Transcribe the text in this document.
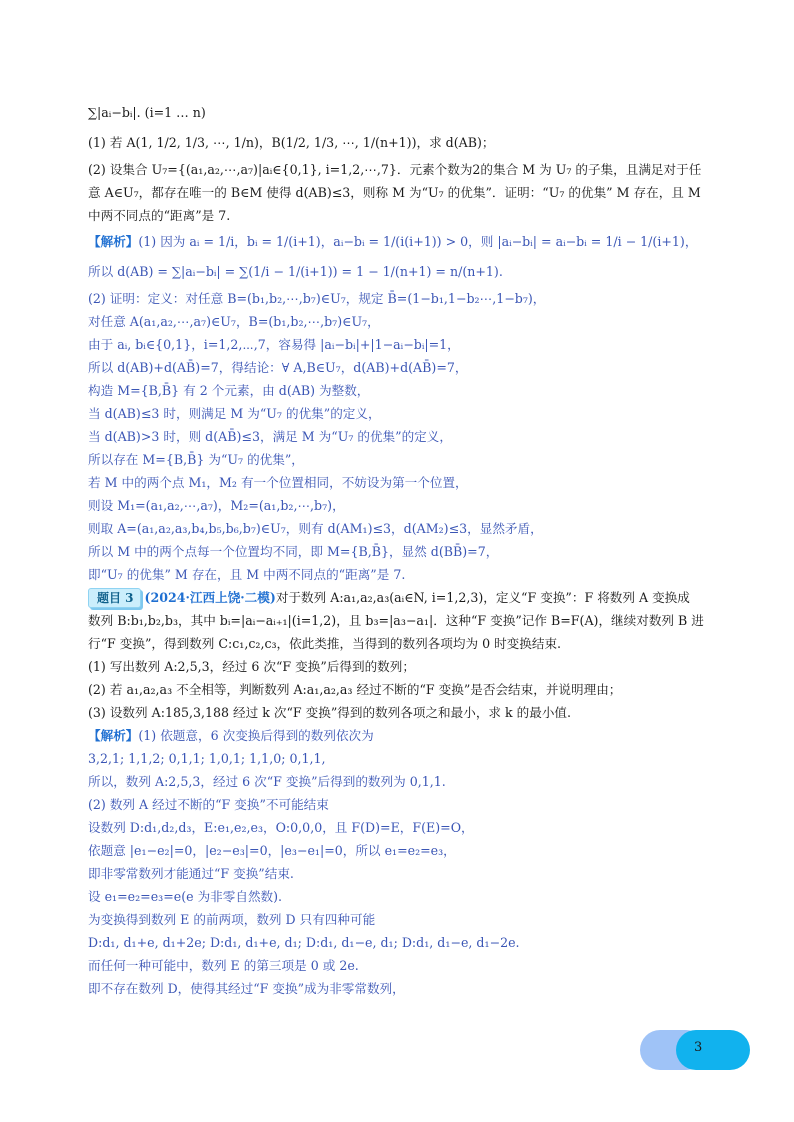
∑|aᵢ−bᵢ|. (i=1 … n)
(1) 若 A(1, 1/2, 1/3, ⋯, 1/n)，B(1/2, 1/3, ⋯, 1/(n+1))，求 d(AB)；
(2) 设集合 U₇={(a₁,a₂,⋯,a₇)|aᵢ∈{0,1}, i=1,2,⋯,7}．元素个数为2的集合 M 为 U₇ 的子集，且满足对于任
意 A∈U₇，都存在唯一的 B∈M 使得 d(AB)≤3，则称 M 为“U₇ 的优集”．证明：“U₇ 的优集” M 存在，且 M
中两不同点的“距离”是 7.
【解析】(1) 因为 aᵢ = 1/i，bᵢ = 1/(i+1)，aᵢ−bᵢ = 1/(i(i+1)) > 0，则 |aᵢ−bᵢ| = aᵢ−bᵢ = 1/i − 1/(i+1)，
所以 d(AB) = ∑|aᵢ−bᵢ| = ∑(1/i − 1/(i+1)) = 1 − 1/(n+1) = n/(n+1).
(2) 证明：定义：对任意 B=(b₁,b₂,⋯,b₇)∈U₇，规定 B̄=(1−b₁,1−b₂⋯,1−b₇)，
对任意 A(a₁,a₂,⋯,a₇)∈U₇，B=(b₁,b₂,⋯,b₇)∈U₇，
由于 aᵢ, bᵢ∈{0,1}，i=1,2,⋯,7，容易得 |aᵢ−bᵢ|+|1−aᵢ−bᵢ|=1，
所以 d(AB)+d(AB̄)=7，得结论：∀ A,B∈U₇，d(AB)+d(AB̄)=7，
构造 M={B,B̄} 有 2 个元素，由 d(AB) 为整数，
当 d(AB)≤3 时，则满足 M 为“U₇ 的优集”的定义，
当 d(AB)>3 时，则 d(AB̄)≤3，满足 M 为“U₇ 的优集”的定义，
所以存在 M={B,B̄} 为“U₇ 的优集”，
若 M 中的两个点 M₁，M₂ 有一个位置相同，不妨设为第一个位置，
则设 M₁=(a₁,a₂,⋯,a₇)，M₂=(a₁,b₂,⋯,b₇)，
则取 A=(a₁,a₂,a₃,b₄,b₅,b₆,b₇)∈U₇，则有 d(AM₁)≤3，d(AM₂)≤3，显然矛盾，
所以 M 中的两个点每一个位置均不同，即 M={B,B̄}，显然 d(BB̄)=7，
即“U₇ 的优集” M 存在，且 M 中两不同点的“距离”是 7.
题目 3 (2024·江西上饶·二模)对于数列 A:a₁,a₂,a₃(aᵢ∈N, i=1,2,3)，定义“F 变换”：F 将数列 A 变换成
数列 B:b₁,b₂,b₃，其中 bᵢ=|aᵢ−aᵢ₊₁|(i=1,2)，且 b₃=|a₃−a₁|．这种“F 变换”记作 B=F(A)，继续对数列 B 进
行“F 变换”，得到数列 C:c₁,c₂,c₃，依此类推，当得到的数列各项均为 0 时变换结束.
(1) 写出数列 A:2,5,3，经过 6 次“F 变换”后得到的数列；
(2) 若 a₁,a₂,a₃ 不全相等，判断数列 A:a₁,a₂,a₃ 经过不断的“F 变换”是否会结束，并说明理由；
(3) 设数列 A:185,3,188 经过 k 次“F 变换”得到的数列各项之和最小，求 k 的最小值.
【解析】(1) 依题意，6 次变换后得到的数列依次为
3,2,1; 1,1,2; 0,1,1; 1,0,1; 1,1,0; 0,1,1,
所以，数列 A:2,5,3，经过 6 次“F 变换”后得到的数列为 0,1,1.
(2) 数列 A 经过不断的“F 变换”不可能结束
设数列 D:d₁,d₂,d₃，E:e₁,e₂,e₃，O:0,0,0，且 F(D)=E，F(E)=O，
依题意 |e₁−e₂|=0，|e₂−e₃|=0，|e₃−e₁|=0，所以 e₁=e₂=e₃，
即非零常数列才能通过“F 变换”结束.
设 e₁=e₂=e₃=e(e 为非零自然数).
为变换得到数列 E 的前两项，数列 D 只有四种可能
D:d₁, d₁+e, d₁+2e; D:d₁, d₁+e, d₁; D:d₁, d₁−e, d₁; D:d₁, d₁−e, d₁−2e.
而任何一种可能中，数列 E 的第三项是 0 或 2e.
即不存在数列 D，使得其经过“F 变换”成为非零常数列，
3
